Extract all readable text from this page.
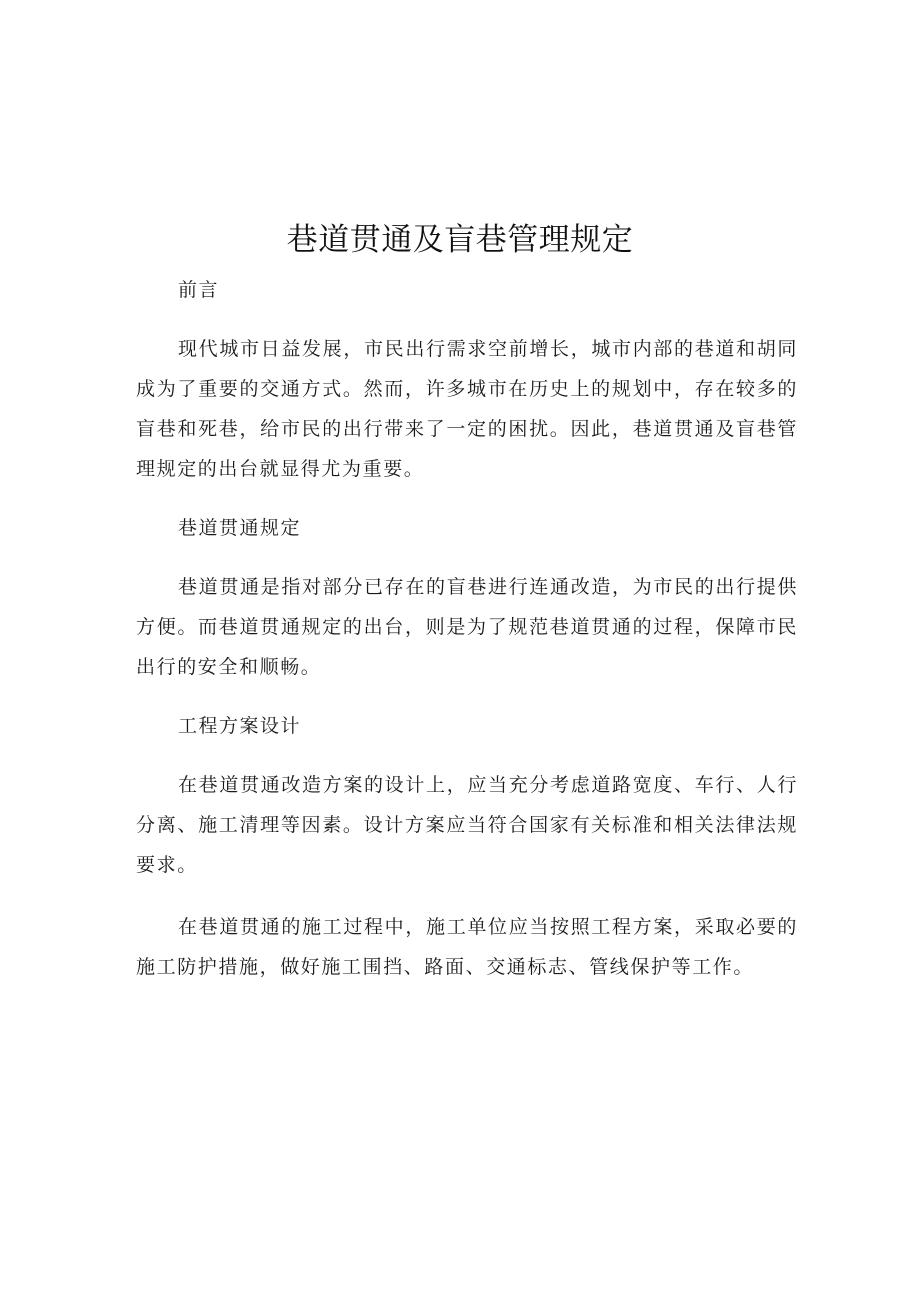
巷道贯通及盲巷管理规定

前言

现代城市日益发展，市民出行需求空前增长，城市内部的巷道和胡同成为了重要的交通方式。然而，许多城市在历史上的规划中，存在较多的盲巷和死巷，给市民的出行带来了一定的困扰。因此，巷道贯通及盲巷管理规定的出台就显得尤为重要。

巷道贯通规定

巷道贯通是指对部分已存在的盲巷进行连通改造，为市民的出行提供方便。而巷道贯通规定的出台，则是为了规范巷道贯通的过程，保障市民出行的安全和顺畅。

工程方案设计

在巷道贯通改造方案的设计上，应当充分考虑道路宽度、车行、人行分离、施工清理等因素。设计方案应当符合国家有关标准和相关法律法规要求。

在巷道贯通的施工过程中，施工单位应当按照工程方案，采取必要的施工防护措施，做好施工围挡、路面、交通标志、管线保护等工作。
